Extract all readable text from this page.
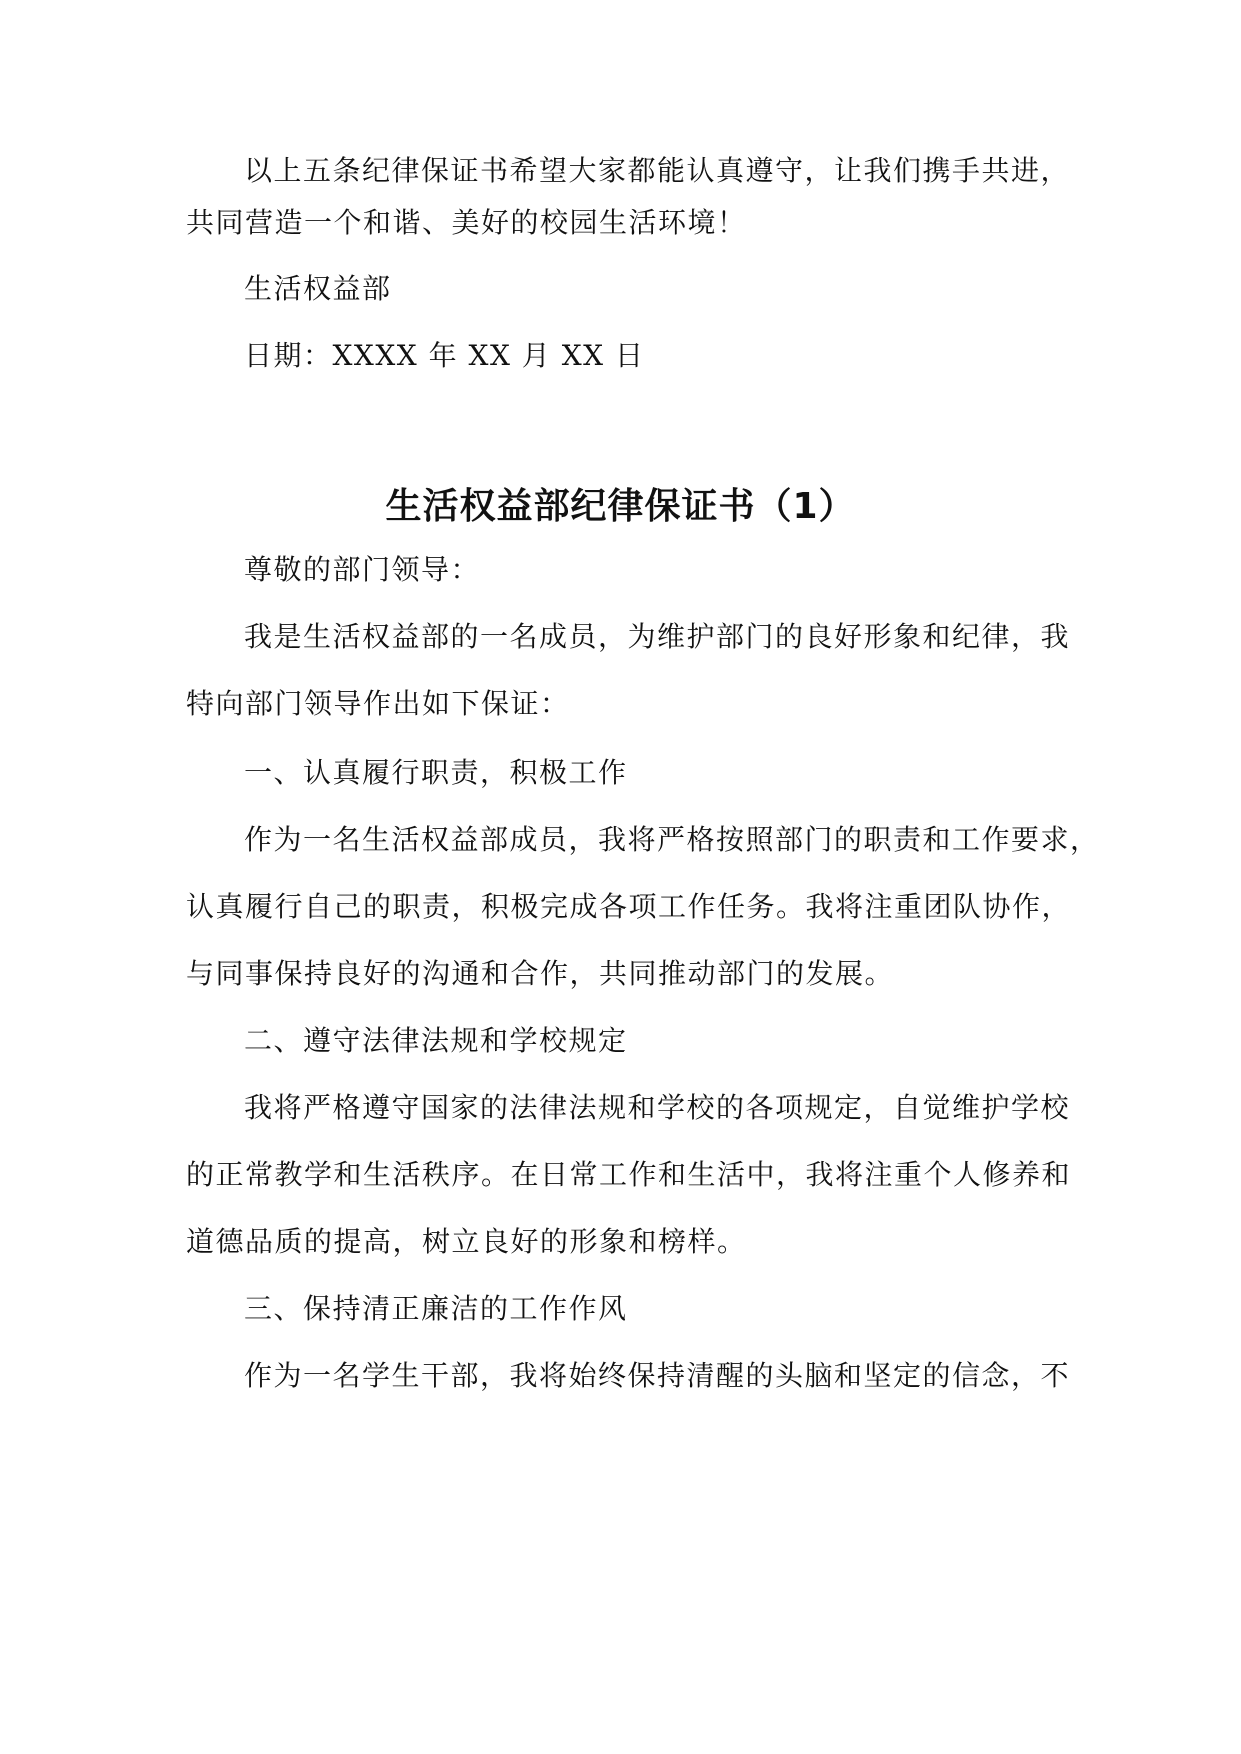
以上五条纪律保证书希望大家都能认真遵守，让我们携手共进，

共同营造一个和谐、美好的校园生活环境！

生活权益部

日期：XXXX 年 XX 月 XX 日

生活权益部纪律保证书（1）

尊敬的部门领导：

我是生活权益部的一名成员，为维护部门的良好形象和纪律，我

特向部门领导作出如下保证：

一、认真履行职责，积极工作

作为一名生活权益部成员，我将严格按照部门的职责和工作要求，

认真履行自己的职责，积极完成各项工作任务。我将注重团队协作，

与同事保持良好的沟通和合作，共同推动部门的发展。

二、遵守法律法规和学校规定

我将严格遵守国家的法律法规和学校的各项规定，自觉维护学校

的正常教学和生活秩序。在日常工作和生活中，我将注重个人修养和

道德品质的提高，树立良好的形象和榜样。

三、保持清正廉洁的工作作风

作为一名学生干部，我将始终保持清醒的头脑和坚定的信念，不
